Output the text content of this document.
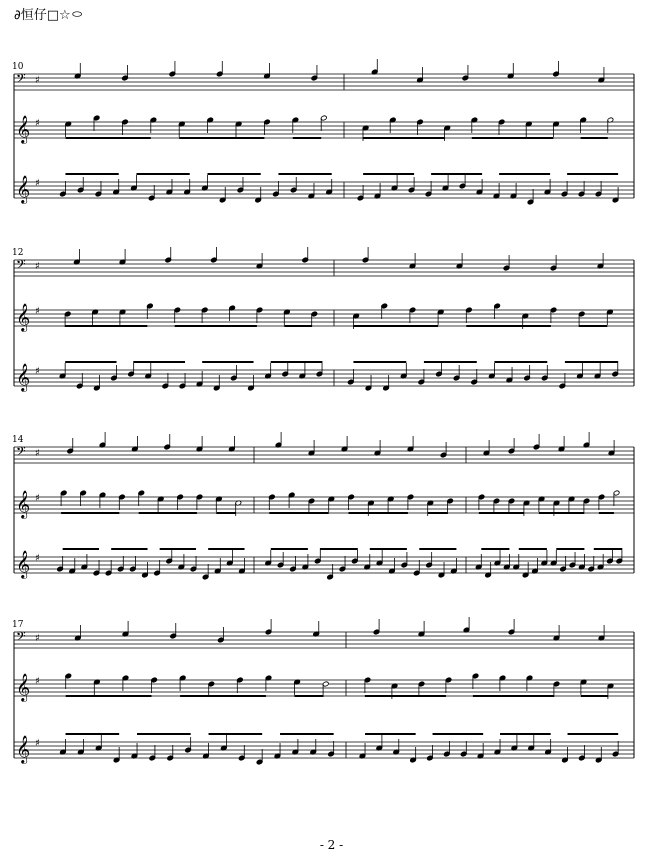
∂恒仔□☆㇣
10
𝄢 ♯
𝄞 ♯
𝄞 ♯
12
𝄢 ♯
𝄞 ♯
𝄞 ♯
14
𝄢 ♯
𝄞 ♯
𝄞 ♯
17
𝄢 ♯
𝄞 ♯
𝄞 ♯
- 2 -
